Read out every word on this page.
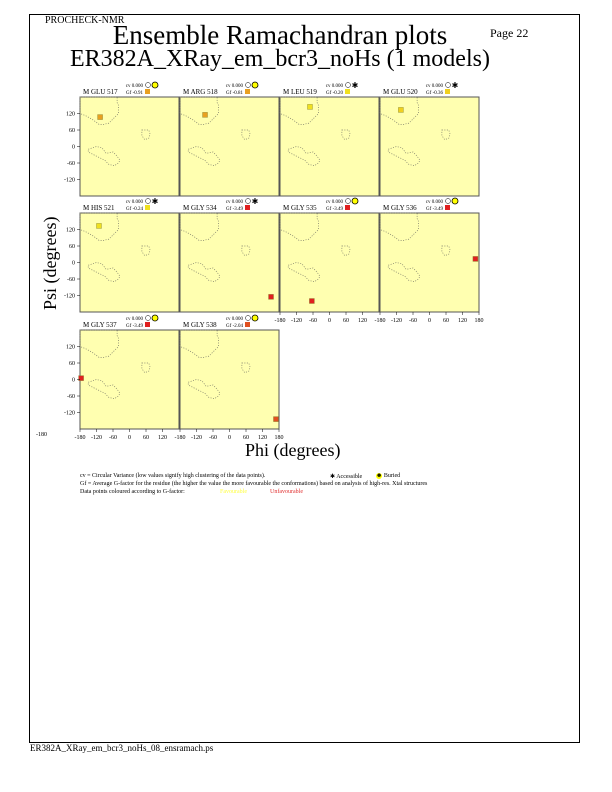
PROCHECK-NMR
Page 22
Ensemble Ramachandran plots
ER382A_XRay_em_bcr3_noHs (1 models)
M GLU 517
cv 0.000
Gf -0.91
120
60
0
-60
-120
M ARG 518
cv 0.000
Gf -0.81	M LEU 519
cv 0.000 ✱
Gf -0.20	M GLU 520
cv 0.000 ✱
Gf -0.36
M HIS 521
cv 0.000 ✱
Gf -0.24
120
60
0
-60
-120
M GLY 534
cv 0.000 ✱
Gf -3.49	M GLY 535
cv 0.000
Gf -3.49
-180 -120 -60 0 60 120
M GLY 536
cv 0.000
Gf -3.49
-180 -120 -60 0 60 120 180
M GLY 537
cv 0.000
Gf -3.49
120
60
0
-60
-120
-180 -120 -60 0 60 120
M GLY 538
cv 0.000
Gf -2.04
-180 -120 -60 0 60 120 180
-180
Psi (degrees)
Phi (degrees)
cv = Circular Variance (low values signify high clustering of the data points).	✱ Accessible ☻ Buried
Gf = Average G-factor for the residue (the higher the value the more favourable the conformations) based on analysis of high-res. Xtal structures
Data points coloured according to G-factor:	Favourable	Unfavourable
ER382A_XRay_em_bcr3_noHs_08_ensramach.ps
